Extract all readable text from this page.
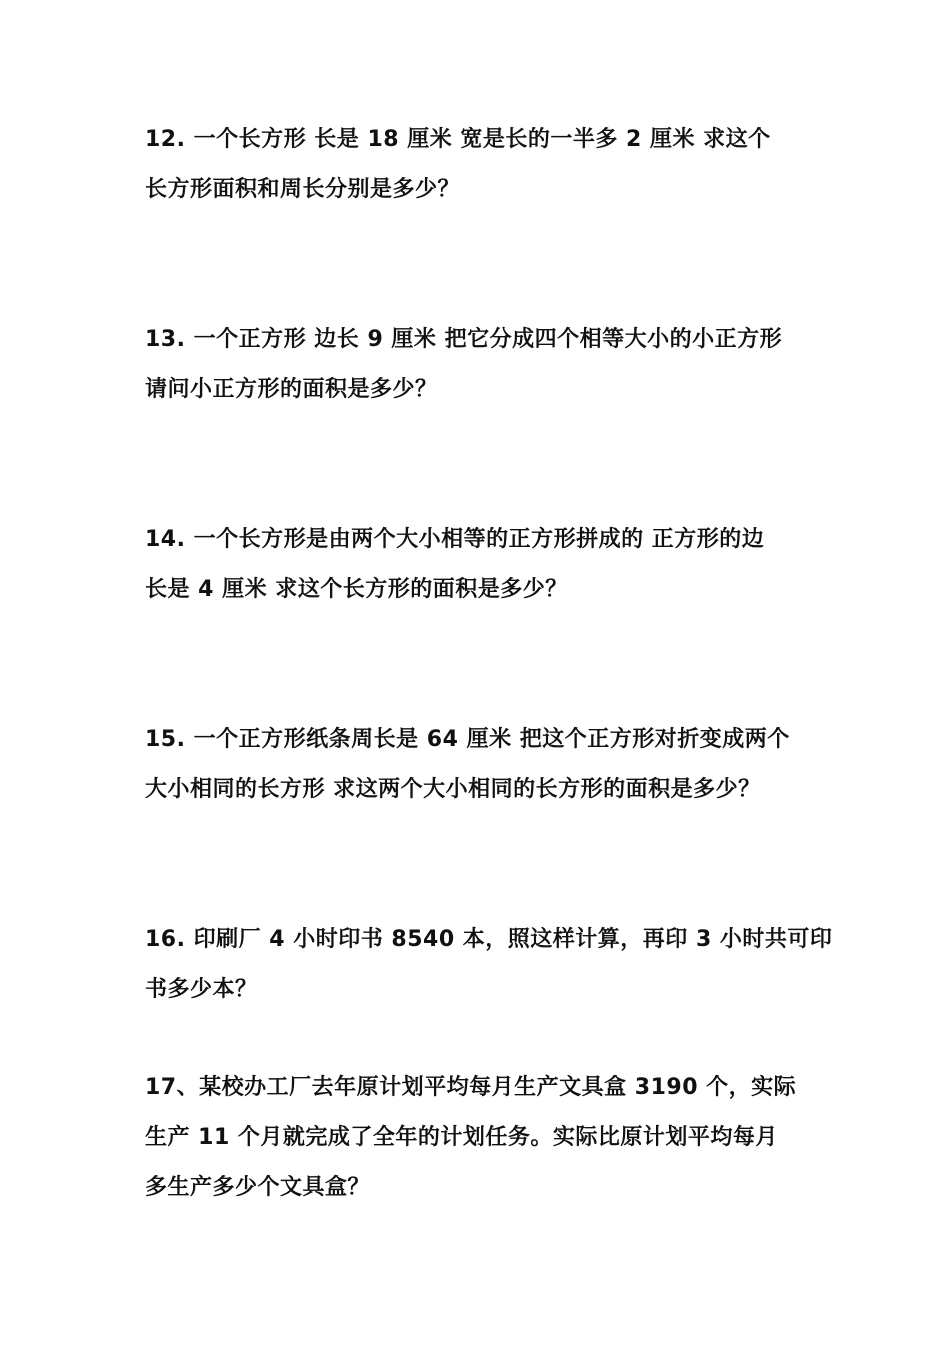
12. 一个长方形 长是 18 厘米 宽是长的一半多 2 厘米 求这个
长方形面积和周长分别是多少？
13. 一个正方形 边长 9 厘米 把它分成四个相等大小的小正方形
请问小正方形的面积是多少？
14. 一个长方形是由两个大小相等的正方形拼成的 正方形的边
长是 4 厘米 求这个长方形的面积是多少？
15. 一个正方形纸条周长是 64 厘米 把这个正方形对折变成两个
大小相同的长方形 求这两个大小相同的长方形的面积是多少？
16. 印刷厂 4 小时印书 8540 本，照这样计算，再印 3 小时共可印
书多少本？
17、某校办工厂去年原计划平均每月生产文具盒 3190 个，实际
生产 11 个月就完成了全年的计划任务。实际比原计划平均每月
多生产多少个文具盒？
